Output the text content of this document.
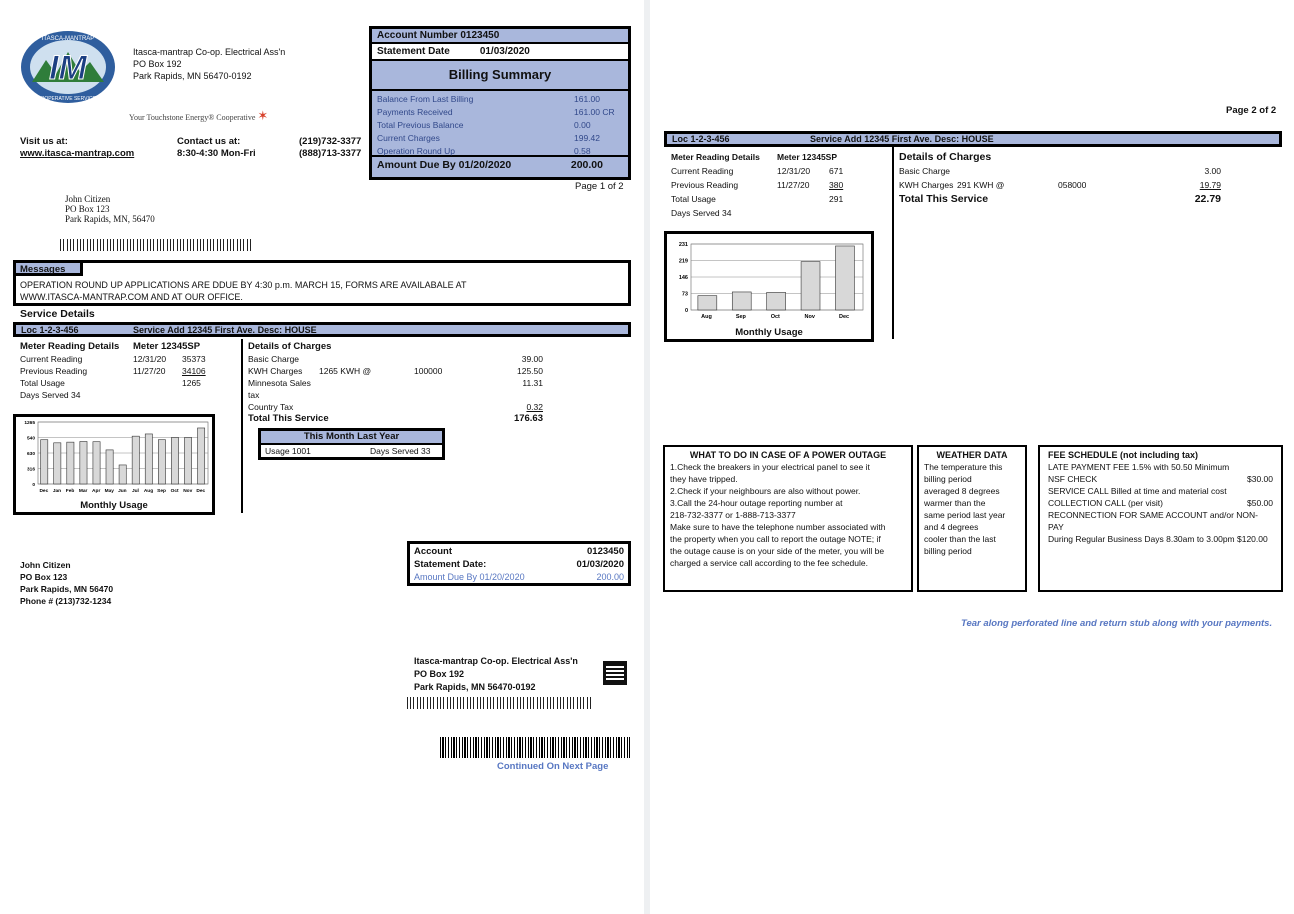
IM
ITASCA-MANTRAP
COOPERATIVE SERVICES
Itasca-mantrap Co-op. Electrical Ass'n
PO Box 192
Park Rapids, MN 56470-0192
Your Touchstone Energy® Cooperative ✶
Visit us at:
www.itasca-mantrap.com
Contact us at:
8:30-4:30 Mon-Fri
(219)732-3377
(888)713-3377
John Citizen
PO Box 123
Park Rapids, MN, 56470
Account Number 0123450
Statement Date	01/03/2020
Billing Summary
Balance From Last Billing	161.00
Payments Received	161.00 CR
Total Previous Balance	0.00
Current Charges	199.42
Operation Round Up	0.58
Amount Due By 01/20/2020	200.00
Page 1 of 2
Messages
OPERATION ROUND UP APPLICATIONS ARE DDUE BY 4:30 p.m. MARCH 15, FORMS ARE AVAILABALE AT WWW.ITASCA-MANTRAP.COM AND AT OUR OFFICE.
Service Details
Loc 1-2-3-456	Service Add 12345 First Ave. Desc: HOUSE
Meter Reading Details	Meter 12345SP
Current Reading	12/31/20	35373
Previous Reading	11/27/20	34106
Total Usage	1265
Days Served 34
Details of Charges
Basic Charge	39.00
KWH Charges	1265 KWH @	100000	125.50
Minnesota Sales tax
11.31
Country Tax	0.32
Total This Service	176.63
0
316
630
540
1265
Dec Jan Feb Mar Apr May Jun Jul Aug Sep Oct Nov Dec
Monthly Usage
This Month Last Year
Usage 1001	Days Served 33
John Citizen
PO Box 123
Park Rapids, MN 56470
Phone # (213)732-1234
Account	0123450
Statement Date:	01/03/2020
Amount Due By 01/20/2020	200.00
Itasca-mantrap Co-op. Electrical Ass'n
PO Box 192
Park Rapids, MN 56470-0192
Continued On Next Page
Page 2 of 2
Loc 1-2-3-456	Service Add 12345 First Ave. Desc: HOUSE
Meter Reading Details	Meter 12345SP
Current Reading	12/31/20	671
Previous Reading	11/27/20	380
Total Usage	291
Days Served 34
Details of Charges
Basic Charge	3.00
KWH Charges 291 KWH @	058000	19.79
Total This Service	22.79
0
73
146
219
231
Aug	Sep	Oct	Nov	Dec
Monthly Usage
WHAT TO DO IN CASE OF A POWER OUTAGE
1.Check the breakers in your electrical panel to see it
they have tripped.
2.Check if your neighbours are also without power.
3.Call the 24-hour outage reporting number at
218-732-3377 or 1-888-713-3377
Make sure to have the telephone number associated with
the property when you call to report the outage NOTE; if
the outage cause is on your side of the meter, you will be
charged a service call according to the fee schedule.
WEATHER DATA
The temperature this
billing period
averaged 8 degrees
warmer than the
same period last year
and 4 degrees
cooler than the last
billing period
FEE SCHEDULE (not including tax)
LATE PAYMENT FEE 1.5% with 50.50 Minimum
NSF CHECK	$30.00
SERVICE CALL Billed at time and material cost
COLLECTION CALL (per visit)	$50.00
RECONNECTION FOR SAME ACCOUNT and/or NON-PAY
During Regular Business Days 8.30am to 3.00pm $120.00
Tear along perforated line and return stub along with your payments.
